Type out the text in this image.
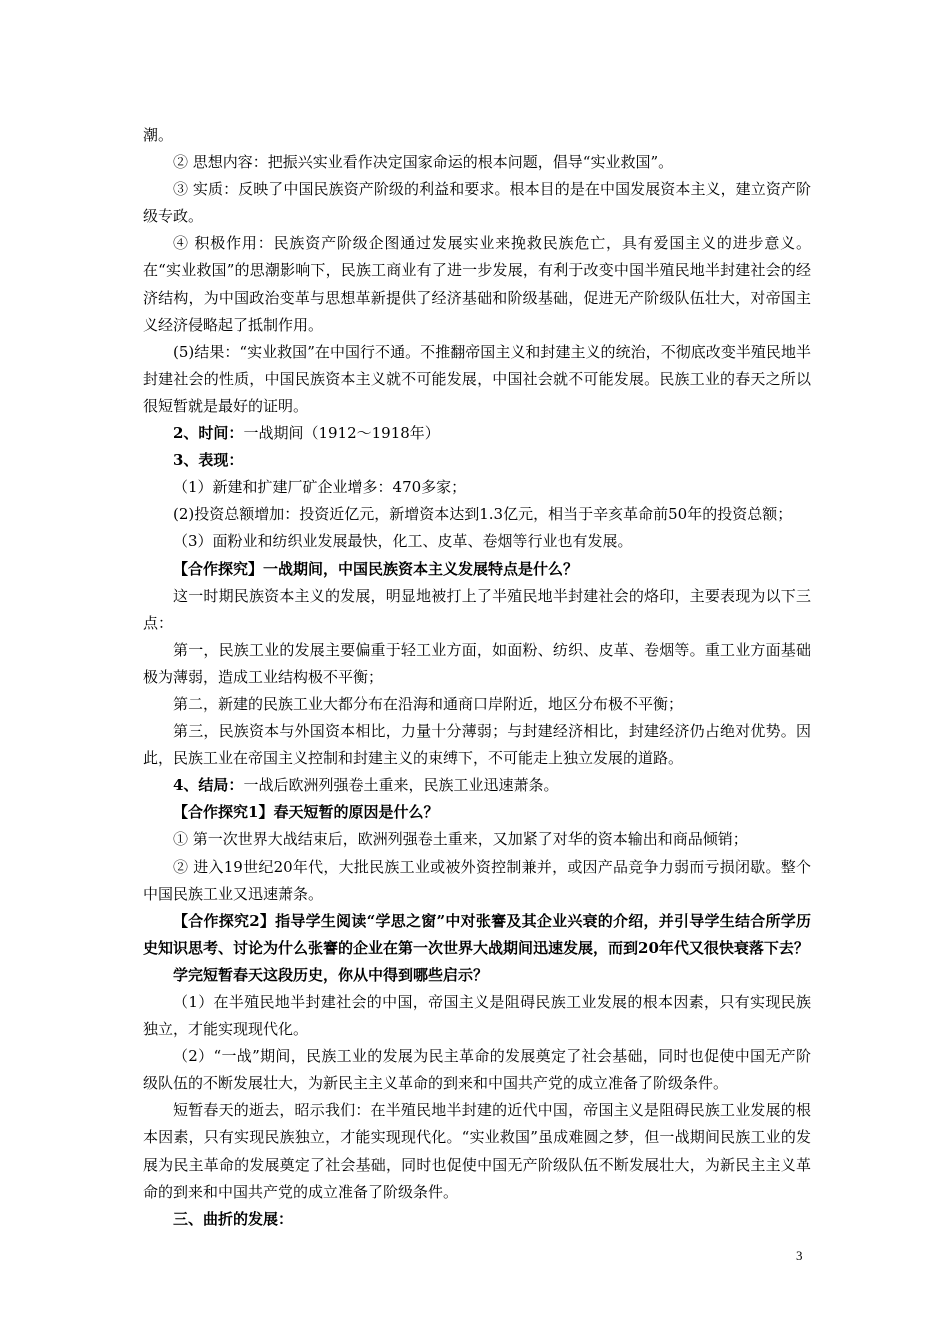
潮。

② 思想内容：把振兴实业看作决定国家命运的根本问题，倡导“实业救国”。

③ 实质：反映了中国民族资产阶级的利益和要求。根本目的是在中国发展资本主义，建立资产阶级专政。

④ 积极作用：民族资产阶级企图通过发展实业来挽救民族危亡，具有爱国主义的进步意义。在“实业救国”的思潮影响下，民族工商业有了进一步发展，有利于改变中国半殖民地半封建社会的经济结构，为中国政治变革与思想革新提供了经济基础和阶级基础，促进无产阶级队伍壮大，对帝国主义经济侵略起了抵制作用。

(5)结果：“实业救国”在中国行不通。不推翻帝国主义和封建主义的统治，不彻底改变半殖民地半封建社会的性质，中国民族资本主义就不可能发展，中国社会就不可能发展。民族工业的春天之所以很短暂就是最好的证明。

2、时间：一战期间（1912～1918年）

3、表现：

（1）新建和扩建厂矿企业增多：470多家；

(2)投资总额增加：投资近亿元，新增资本达到1.3亿元，相当于辛亥革命前50年的投资总额；

（3）面粉业和纺织业发展最快，化工、皮革、卷烟等行业也有发展。

【合作探究】一战期间，中国民族资本主义发展特点是什么？

这一时期民族资本主义的发展，明显地被打上了半殖民地半封建社会的烙印，主要表现为以下三点：

第一，民族工业的发展主要偏重于轻工业方面，如面粉、纺织、皮革、卷烟等。重工业方面基础极为薄弱，造成工业结构极不平衡；

第二，新建的民族工业大都分布在沿海和通商口岸附近，地区分布极不平衡；

第三，民族资本与外国资本相比，力量十分薄弱；与封建经济相比，封建经济仍占绝对优势。因此，民族工业在帝国主义控制和封建主义的束缚下，不可能走上独立发展的道路。

4、结局：一战后欧洲列强卷土重来，民族工业迅速萧条。

【合作探究1】春天短暂的原因是什么？

① 第一次世界大战结束后，欧洲列强卷土重来，又加紧了对华的资本输出和商品倾销；

② 进入19世纪20年代，大批民族工业或被外资控制兼并，或因产品竞争力弱而亏损闭歇。整个中国民族工业又迅速萧条。

【合作探究2】指导学生阅读“学思之窗”中对张謇及其企业兴衰的介绍，并引导学生结合所学历史知识思考、讨论为什么张謇的企业在第一次世界大战期间迅速发展，而到20年代又很快衰落下去？

学完短暂春天这段历史，你从中得到哪些启示？

（1）在半殖民地半封建社会的中国，帝国主义是阻碍民族工业发展的根本因素，只有实现民族独立，才能实现现代化。

（2）“一战”期间，民族工业的发展为民主革命的发展奠定了社会基础，同时也促使中国无产阶级队伍的不断发展壮大，为新民主主义革命的到来和中国共产党的成立准备了阶级条件。

短暂春天的逝去，昭示我们：在半殖民地半封建的近代中国，帝国主义是阻碍民族工业发展的根本因素，只有实现民族独立，才能实现现代化。“实业救国”虽成难圆之梦，但一战期间民族工业的发展为民主革命的发展奠定了社会基础，同时也促使中国无产阶级队伍不断发展壮大，为新民主主义革命的到来和中国共产党的成立准备了阶级条件。

三、曲折的发展：

3
